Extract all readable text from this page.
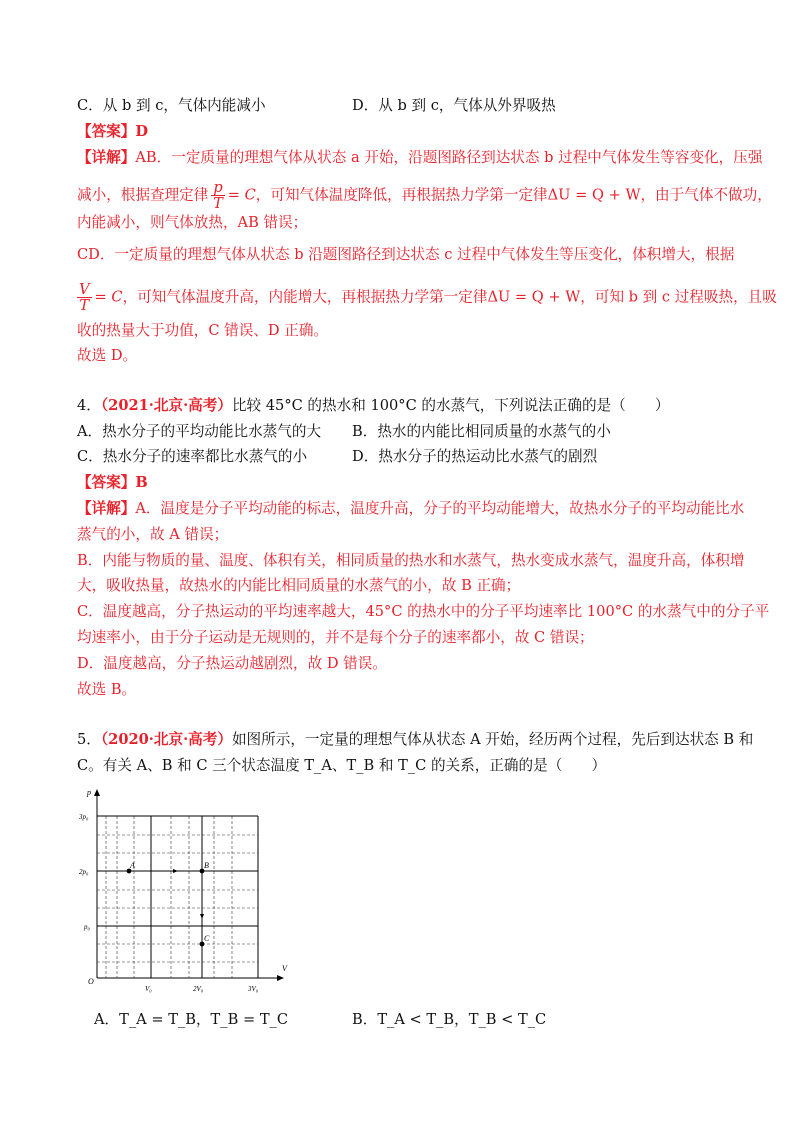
C．从 b 到 c，气体内能减小	D．从 b 到 c，气体从外界吸热
【答案】D
【详解】AB．一定质量的理想气体从状态 a 开始，沿题图路径到达状态 b 过程中气体发生等容变化，压强
减小，根据查理定律 $\frac{p}{T} = C$，可知气体温度降低，再根据热力学第一定律ΔU = Q + W，由于气体不做功，
内能减小，则气体放热，AB 错误；
CD．一定质量的理想气体从状态 b 沿题图路径到达状态 c 过程中气体发生等压变化，体积增大，根据
$\frac{V}{T} = C$，可知气体温度升高，内能增大，再根据热力学第一定律ΔU = Q + W，可知 b 到 c 过程吸热，且吸
收的热量大于功值，C 错误、D 正确。
故选 D。
4．（2021·北京·高考）比较 45°C 的热水和 100°C 的水蒸气，下列说法正确的是（　　）
A．热水分子的平均动能比水蒸气的大 B．热水的内能比相同质量的水蒸气的小
C．热水分子的速率都比水蒸气的小	D．热水分子的热运动比水蒸气的剧烈
【答案】B
【详解】A．温度是分子平均动能的标志，温度升高，分子的平均动能增大，故热水分子的平均动能比水
蒸气的小，故 A 错误；
B．内能与物质的量、温度、体积有关，相同质量的热水和水蒸气，热水变成水蒸气，温度升高，体积增
大，吸收热量，故热水的内能比相同质量的水蒸气的小，故 B 正确；
C．温度越高，分子热运动的平均速率越大，45°C 的热水中的分子平均速率比 100°C 的水蒸气中的分子平
均速率小，由于分子运动是无规则的，并不是每个分子的速率都小，故 C 错误；
D．温度越高，分子热运动越剧烈，故 D 错误。
故选 B。
5．（2020·北京·高考）如图所示，一定量的理想气体从状态 A 开始，经历两个过程，先后到达状态 B 和
C。有关 A、B 和 C 三个状态温度 T_A、T_B 和 T_C 的关系，正确的是（　　）
A	B
C
p
V
O
3p₀
2p₀
p₀
V₀	2V₀	3V₀
A．T_A = T_B，T_B = T_C	B．T_A < T_B，T_B < T_C
